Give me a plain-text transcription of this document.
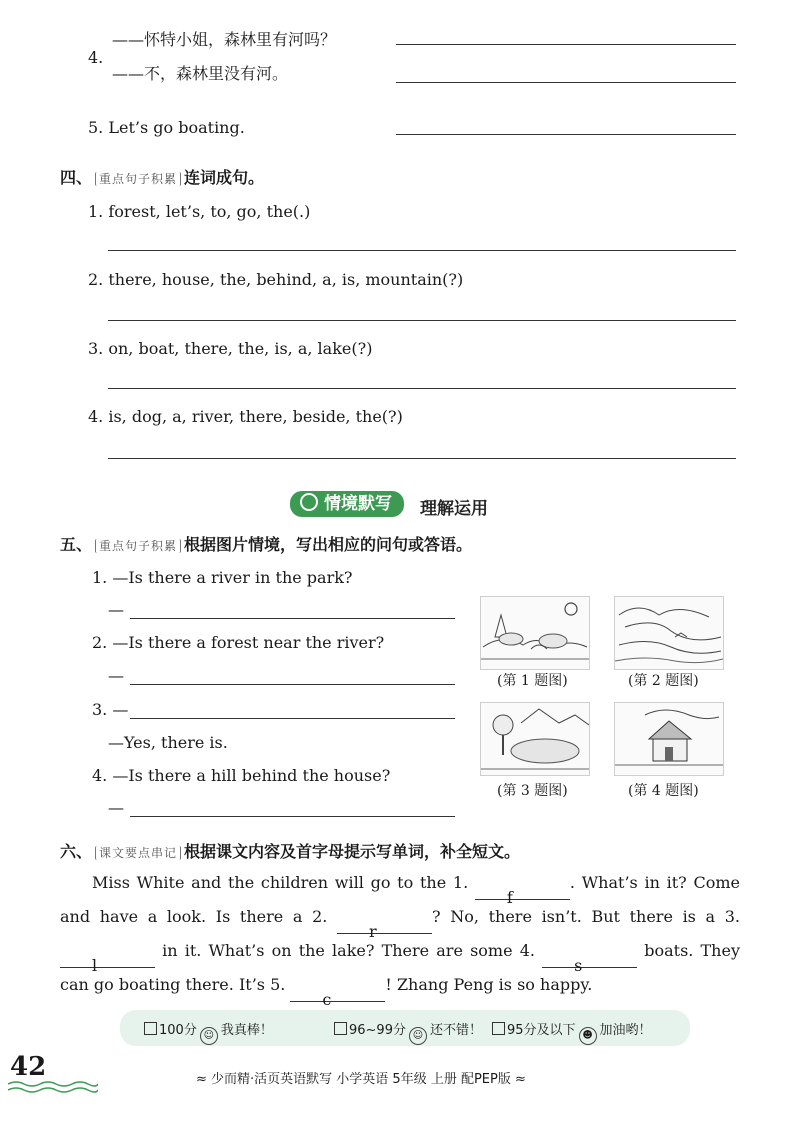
——怀特小姐，森林里有河吗？
4.
——不，森林里没有河。
5. Let’s go boating.
四、 重点句子积累 连词成句。
1. forest, let’s, to, go, the(.)
2. there, house, the, behind, a, is, mountain(?)
3. on, boat, there, the, is, a, lake(?)
4. is, dog, a, river, there, beside, the(?)
情境默写	理解运用
五、 重点句子积累 根据图片情境，写出相应的问句或答语。
1. —Is there a river in the park?
—
2. —Is there a forest near the river?
—
3. —
—Yes, there is.
4. —Is there a hill behind the house?
—
(第 1 题图)	(第 2 题图)
(第 3 题图)	(第 4 题图)
六、 课文要点串记 根据课文内容及首字母提示写单词，补全短文。
Miss White and the children will go to the 1. f. What’s in it? Come and have a look. Is there a 2. r? No, there isn’t. But there is a 3. l in it. What’s on the lake? There are some 4. s boats. They can go boating there. It’s 5. c! Zhang Peng is so happy.
100分 ☺ 我真棒！	96~99分 ☺ 还不错！	95分及以下 ☻ 加油哟！
42	≈ 少而精·活页英语默写 小学英语 5年级 上册 配PEP版 ≈
